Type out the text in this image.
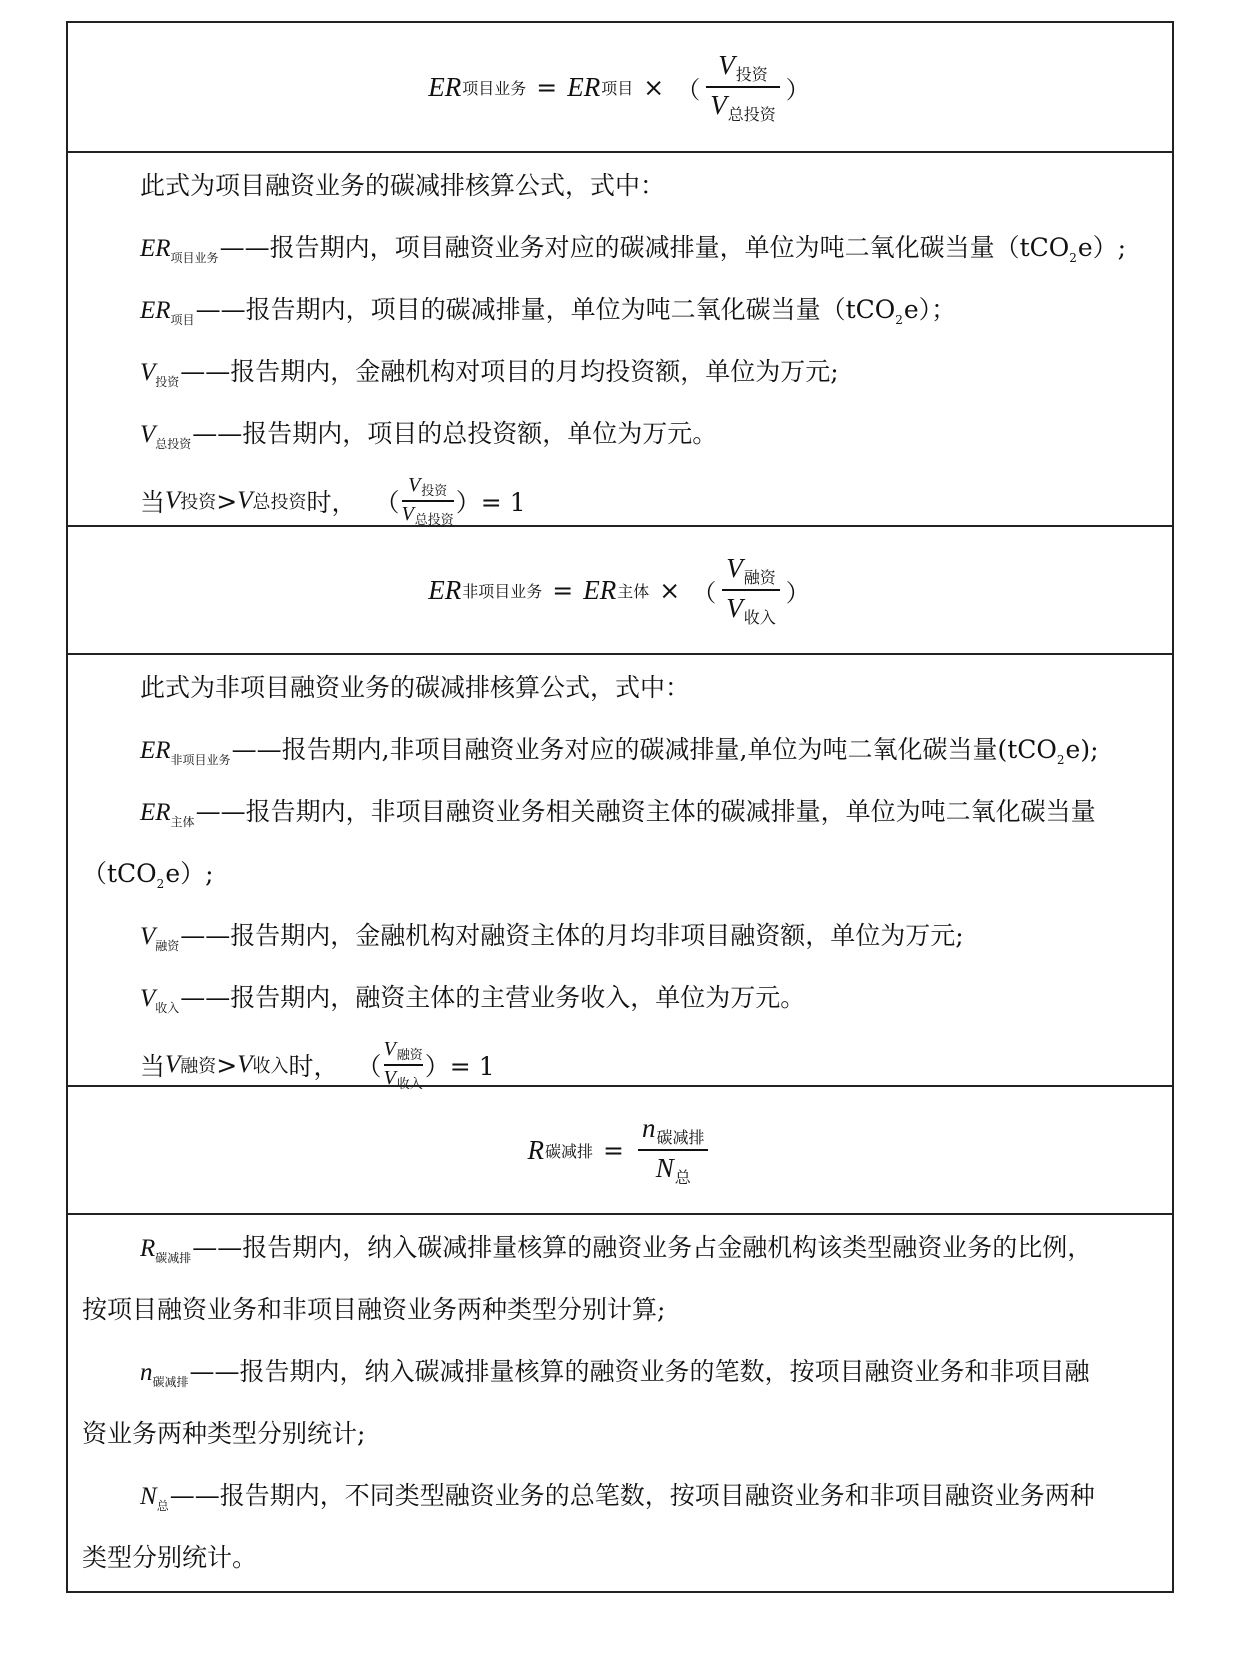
ER 项目业务 = ER 项目 × （ $\frac{V_{投资}}{V_{总投资}}$ ）
此式为项目融资业务的碳减排核算公式，式中：
$ER_{项目业务}——$报告期内，项目融资业务对应的碳减排量，单位为吨二氧化碳当量（tCO$_2$e）;
$ER_{项目}——$报告期内，项目的碳减排量，单位为吨二氧化碳当量（tCO$_2$e）；
$V_{投资}——$报告期内，金融机构对项目的月均投资额，单位为万元;
$V_{总投资}——$报告期内，项目的总投资额，单位为万元。
当 V 投资 > V 总投资 时， （ $\frac{V_{投资}}{V_{总投资}}$ ）= 1
ER 非项目业务 = ER 主体 × （ $\frac{V_{融资}}{V_{收入}}$ ）
此式为非项目融资业务的碳减排核算公式，式中：
$ER_{非项目业务}——$报告期内,非项目融资业务对应的碳减排量,单位为吨二氧化碳当量(tCO$_2$e);
$ER_{主体}——$报告期内，非项目融资业务相关融资主体的碳减排量，单位为吨二氧化碳当量
（tCO$_2$e）;
$V_{融资}——$报告期内，金融机构对融资主体的月均非项目融资额，单位为万元;
$V_{收入}——$报告期内，融资主体的主营业务收入，单位为万元。
当 V 融资 > V 收入 时， （ $\frac{V_{融资}}{V_{收入}}$ ）= 1
R 碳减排 = $\frac{n_{碳减排}}{N_总}$
$R_{碳减排}——$报告期内，纳入碳减排量核算的融资业务占金融机构该类型融资业务的比例，
按项目融资业务和非项目融资业务两种类型分别计算;
$n_{碳减排}——$报告期内，纳入碳减排量核算的融资业务的笔数，按项目融资业务和非项目融
资业务两种类型分别统计;
$N_总——$报告期内，不同类型融资业务的总笔数，按项目融资业务和非项目融资业务两种
类型分别统计。
